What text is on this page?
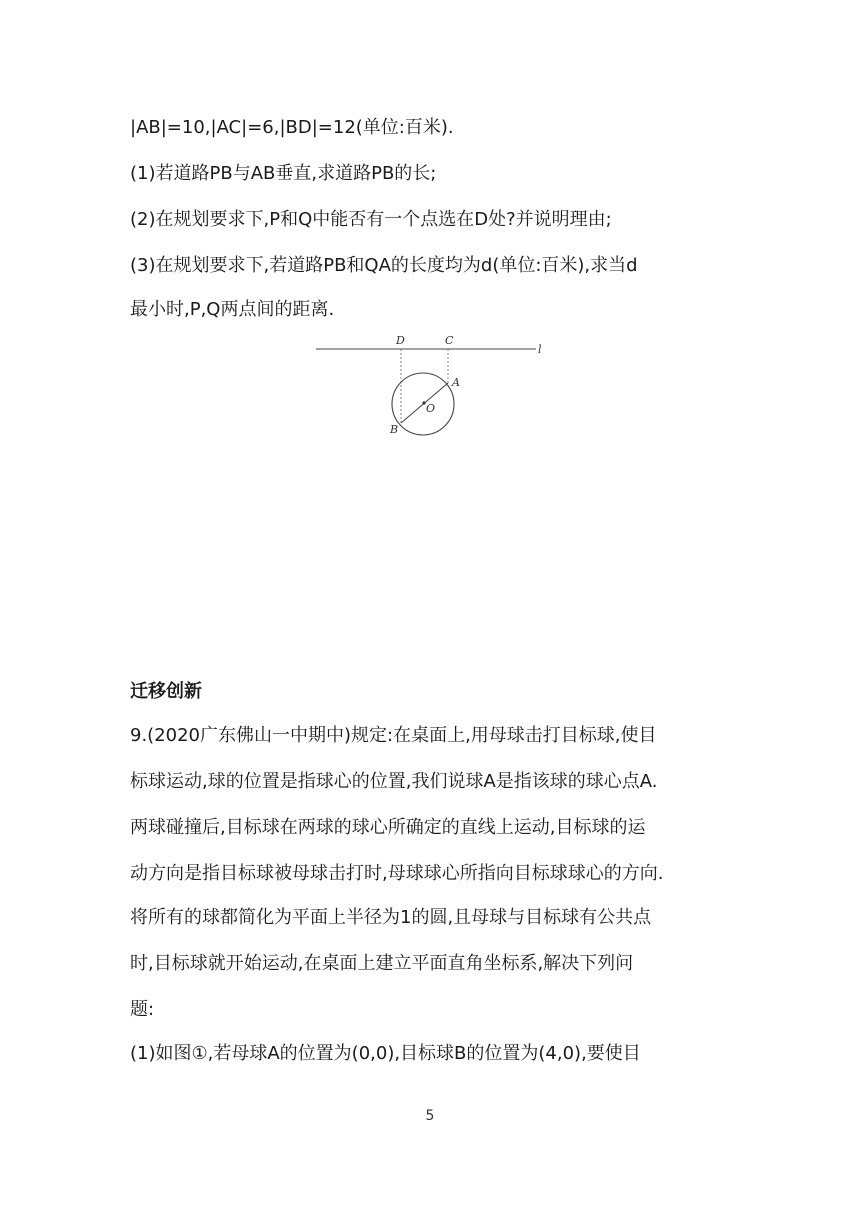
|AB|=10,|AC|=6,|BD|=12(单位:百米).
(1)若道路PB与AB垂直,求道路PB的长;
(2)在规划要求下,P和Q中能否有一个点选在D处?并说明理由;
(3)在规划要求下,若道路PB和QA的长度均为d(单位:百米),求当d
最小时,P,Q两点间的距离.
D	C
l
A
O
B
迁移创新
9.(2020广东佛山一中期中)规定:在桌面上,用母球击打目标球,使目
标球运动,球的位置是指球心的位置,我们说球A是指该球的球心点A.
两球碰撞后,目标球在两球的球心所确定的直线上运动,目标球的运
动方向是指目标球被母球击打时,母球球心所指向目标球球心的方向.
将所有的球都简化为平面上半径为1的圆,且母球与目标球有公共点
时,目标球就开始运动,在桌面上建立平面直角坐标系,解决下列问
题:
(1)如图①,若母球A的位置为(0,0),目标球B的位置为(4,0),要使目
5
